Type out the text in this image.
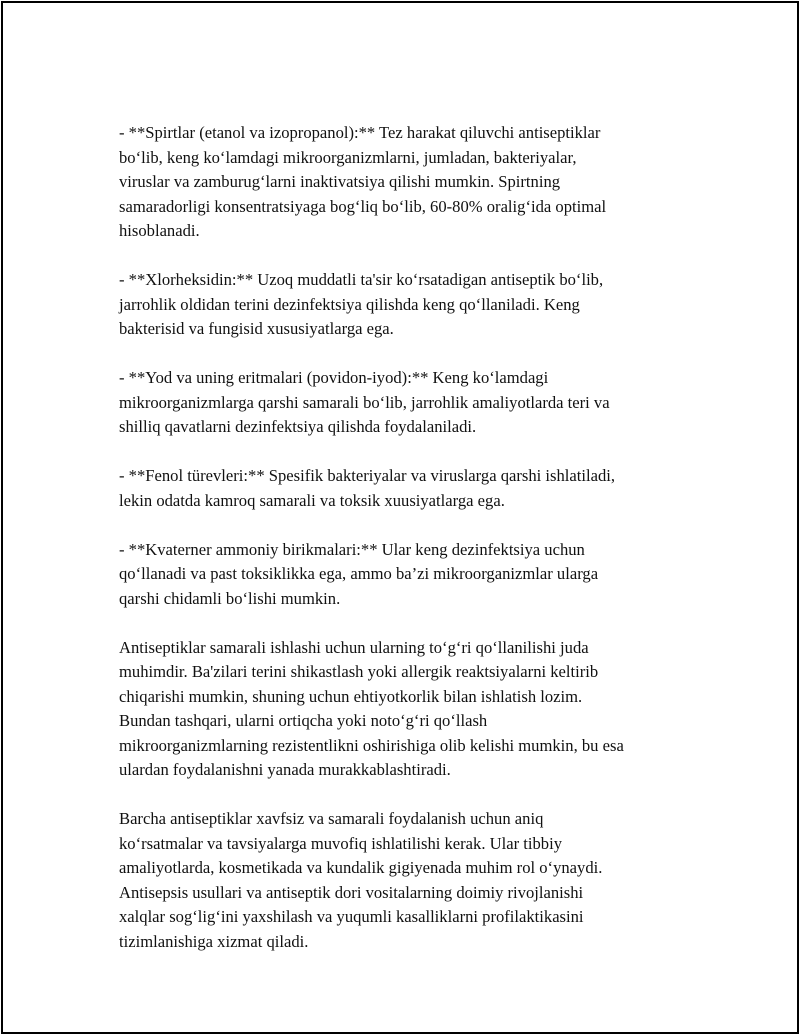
- **Spirtlar (etanol va izopropanol):** Tez harakat qiluvchi antiseptiklar
bo‘lib, keng ko‘lamdagi mikroorganizmlarni, jumladan, bakteriyalar,
viruslar va zamburug‘larni inaktivatsiya qilishi mumkin. Spirtning
samaradorligi konsentratsiyaga bog‘liq bo‘lib, 60-80% oralig‘ida optimal
hisoblanadi.

- **Xlorheksidin:** Uzoq muddatli ta'sir ko‘rsatadigan antiseptik bo‘lib,
jarrohlik oldidan terini dezinfektsiya qilishda keng qo‘llaniladi. Keng
bakterisid va fungisid xususiyatlarga ega.

- **Yod va uning eritmalari (povidon-iyod):** Keng ko‘lamdagi
mikroorganizmlarga qarshi samarali bo‘lib, jarrohlik amaliyotlarda teri va
shilliq qavatlarni dezinfektsiya qilishda foydalaniladi.

- **Fenol türevleri:** Spesifik bakteriyalar va viruslarga qarshi ishlatiladi,
lekin odatda kamroq samarali va toksik xuusiyatlarga ega.

- **Kvaterner ammoniy birikmalari:** Ular keng dezinfektsiya uchun
qo‘llanadi va past toksiklikka ega, ammo ba’zi mikroorganizmlar ularga
qarshi chidamli bo‘lishi mumkin.

Antiseptiklar samarali ishlashi uchun ularning to‘g‘ri qo‘llanilishi juda
muhimdir. Ba'zilari terini shikastlash yoki allergik reaktsiyalarni keltirib
chiqarishi mumkin, shuning uchun ehtiyotkorlik bilan ishlatish lozim.
Bundan tashqari, ularni ortiqcha yoki noto‘g‘ri qo‘llash
mikroorganizmlarning rezistentlikni oshirishiga olib kelishi mumkin, bu esa
ulardan foydalanishni yanada murakkablashtiradi.

Barcha antiseptiklar xavfsiz va samarali foydalanish uchun aniq
ko‘rsatmalar va tavsiyalarga muvofiq ishlatilishi kerak. Ular tibbiy
amaliyotlarda, kosmetikada va kundalik gigiyenada muhim rol o‘ynaydi.
Antisepsis usullari va antiseptik dori vositalarning doimiy rivojlanishi
xalqlar sog‘lig‘ini yaxshilash va yuqumli kasalliklarni profilaktikasini
tizimlanishiga xizmat qiladi.
